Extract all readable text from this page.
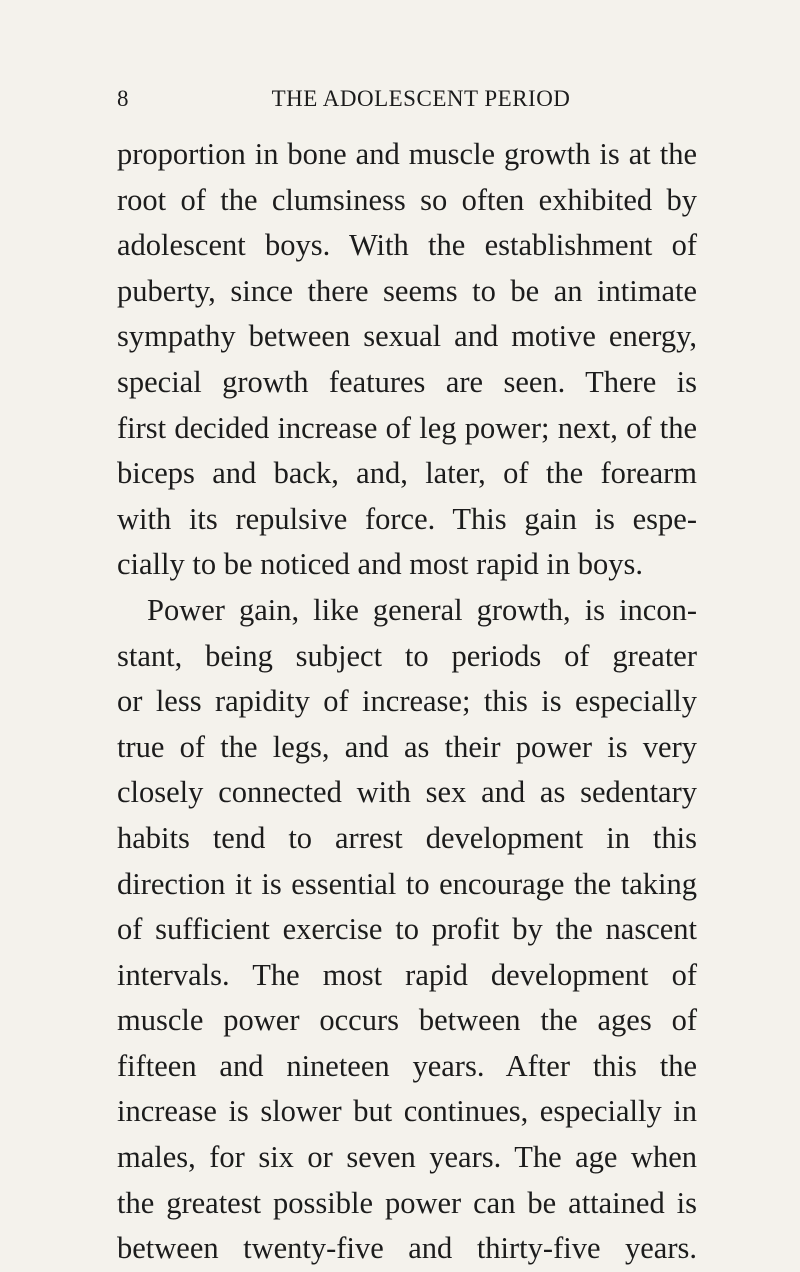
8	THE ADOLESCENT PERIOD
proportion in bone and muscle growth is at the
root of the clumsiness so often exhibited by
adolescent boys. With the establishment of
puberty, since there seems to be an intimate
sympathy between sexual and motive energy,
special growth features are seen. There is
first decided increase of leg power; next, of the
biceps and back, and, later, of the forearm
with its repulsive force. This gain is espe-
cially to be noticed and most rapid in boys.
Power gain, like general growth, is incon-
stant, being subject to periods of greater
or less rapidity of increase; this is especially
true of the legs, and as their power is very
closely connected with sex and as sedentary
habits tend to arrest development in this
direction it is essential to encourage the taking
of sufficient exercise to profit by the nascent
intervals. The most rapid development of
muscle power occurs between the ages of
fifteen and nineteen years. After this the
increase is slower but continues, especially in
males, for six or seven years. The age when
the greatest possible power can be attained is
between twenty-five and thirty-five years.
